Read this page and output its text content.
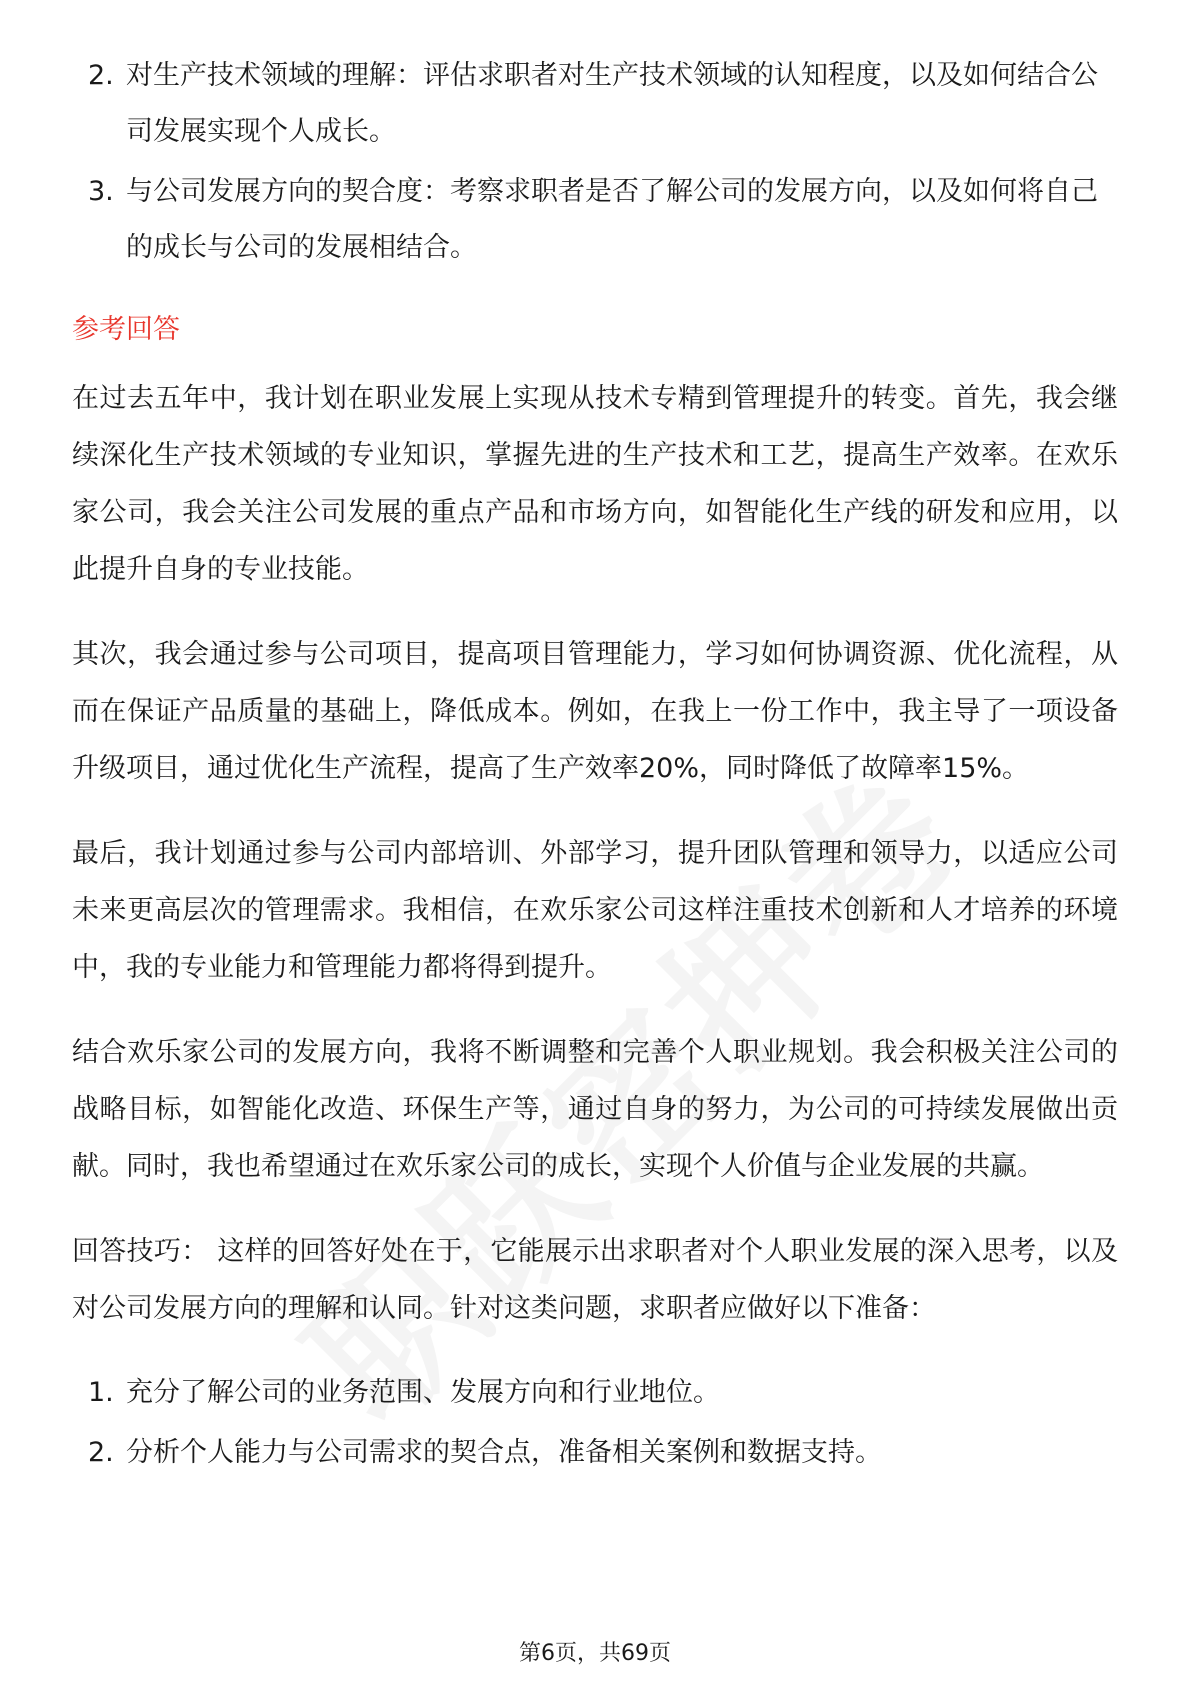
2. 对生产技术领域的理解：评估求职者对生产技术领域的认知程度，以及如何结合公司发展实现个人成长。
3. 与公司发展方向的契合度：考察求职者是否了解公司的发展方向，以及如何将自己的成长与公司的发展相结合。
参考回答

在过去五年中，我计划在职业发展上实现从技术专精到管理提升的转变。首先，我会继续深化生产技术领域的专业知识，掌握先进的生产技术和工艺，提高生产效率。在欢乐家公司，我会关注公司发展的重点产品和市场方向，如智能化生产线的研发和应用，以此提升自身的专业技能。

其次，我会通过参与公司项目，提高项目管理能力，学习如何协调资源、优化流程，从而在保证产品质量的基础上，降低成本。例如，在我上一份工作中，我主导了一项设备升级项目，通过优化生产流程，提高了生产效率20%，同时降低了故障率15%。

最后，我计划通过参与公司内部培训、外部学习，提升团队管理和领导力，以适应公司未来更高层次的管理需求。我相信，在欢乐家公司这样注重技术创新和人才培养的环境中，我的专业能力和管理能力都将得到提升。

结合欢乐家公司的发展方向，我将不断调整和完善个人职业规划。我会积极关注公司的战略目标，如智能化改造、环保生产等，通过自身的努力，为公司的可持续发展做出贡献。同时，我也希望通过在欢乐家公司的成长，实现个人价值与企业发展的共赢。

回答技巧： 这样的回答好处在于，它能展示出求职者对个人职业发展的深入思考，以及对公司发展方向的理解和认同。针对这类问题，求职者应做好以下准备：

1. 充分了解公司的业务范围、发展方向和行业地位。
2. 分析个人能力与公司需求的契合点，准备相关案例和数据支持。
第6页，共69页
